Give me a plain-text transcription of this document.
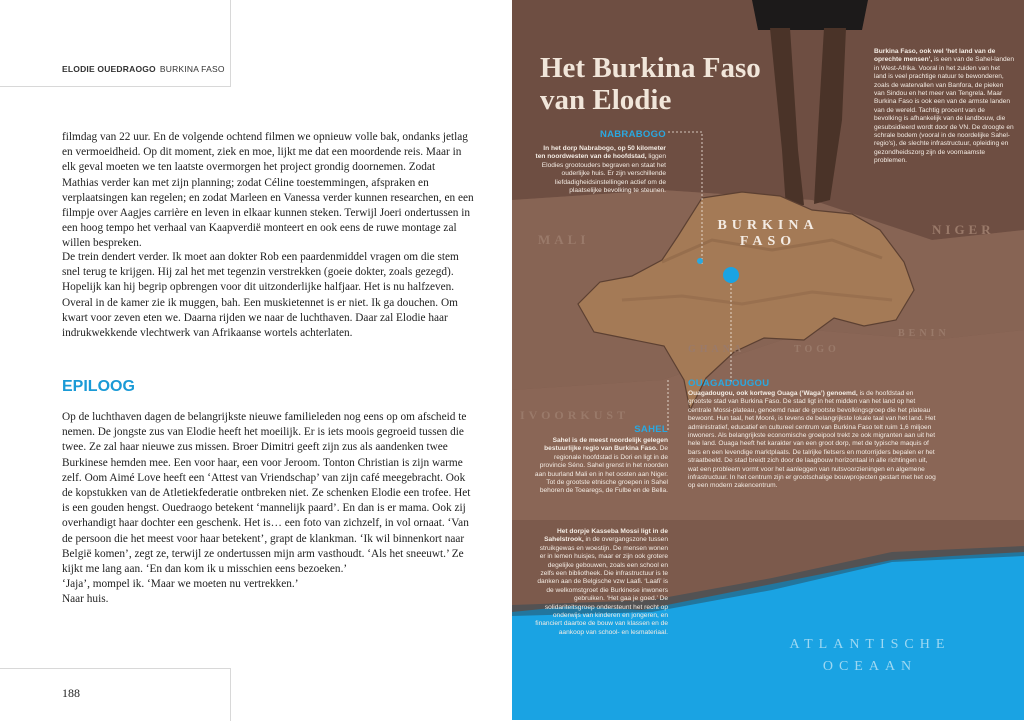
ELODIE OUEDRAOGO BURKINA FASO

filmdag van 22 uur. En de volgende ochtend filmen we opnieuw volle bak, ondanks jetlag en vermoeidheid. Op dit moment, ziek en moe, lijkt me dat een moordende reis. Maar in elk geval moeten we ten laatste overmorgen het project grondig doornemen. Zodat Mathias verder kan met zijn planning; zodat Céline toestemmingen, afspraken en verplaatsingen kan regelen; en zodat Marleen en Vanessa verder kunnen researchen, en een filmpje over Aagjes carrière en leven in elkaar kunnen steken. Terwijl Joeri ondertussen in een hoog tempo het verhaal van Kaapverdië monteert en ook eens de ruwe montage zal willen bespreken.

De trein dendert verder. Ik moet aan dokter Rob een paardenmiddel vragen om die stem snel terug te krijgen. Hij zal het met tegenzin verstrekken (goeie dokter, zoals gezegd). Hopelijk kan hij begrip opbrengen voor dit uitzonderlijke halfjaar. Het is nu halfzeven. Overal in de kamer zie ik muggen, bah. Een muskietennet is er niet. Ik ga douchen. Om kwart voor zeven eten we. Daarna rijden we naar de luchthaven. Daar zal Elodie haar indrukwekkende vlechtwerk van Afrikaanse wortels achterlaten.

EPILOOG

Op de luchthaven dagen de belangrijkste nieuwe familieleden nog eens op om afscheid te nemen. De jongste zus van Elodie heeft het moeilijk. Er is iets moois gegroeid tussen die twee. Ze zal haar nieuwe zus missen. Broer Dimitri geeft zijn zus als aandenken twee Burkinese hemden mee. Een voor haar, een voor Jeroom. Tonton Christian is zijn warme zelf. Oom Aimé Love heeft een ‘Attest van Vriendschap’ van zijn café meegebracht. Ook de kopstukken van de Atletiekfederatie ontbreken niet. Ze schenken Elodie een trofee. Het is een gouden hengst. Ouedraogo betekent ‘mannelijk paard’. En dan is er mama. Ook zij overhandigt haar dochter een geschenk. Het is… een foto van zichzelf, in vol ornaat. ‘Van de persoon die het meest voor haar betekent’, grapt de klankman. ‘Ik wil binnenkort naar België komen’, zegt ze, terwijl ze ondertussen mijn arm vasthoudt. ‘Als het sneeuwt.’ Ze kijkt me lang aan. ‘En dan kom ik u misschien eens bezoeken.’

‘Jaja’, mompel ik. ‘Maar we moeten nu vertrekken.’

Naar huis.

188
Het Burkina Faso
van Elodie
Burkina Faso, ook wel ‘het land van de oprechte mensen’, is een van de Sahel-landen in West-Afrika. Vooral in het zuiden van het land is veel prachtige natuur te bewonderen, zoals de watervallen van Banfora, de pieken van Sindou en het meer van Tengrela. Maar Burkina Faso is ook een van de armste landen van de wereld. Tachtig procent van de bevolking is afhankelijk van de landbouw, die gesubsidieerd wordt door de VN. De droogte en schrale bodem (vooral in de noordelijke Sahel-regio's), de slechte infrastructuur, opleiding en gezondheidszorg zijn de voornaamste problemen.
MALI
NIGER
BENIN
TOGO
GHANA
IVOORKUST
BURKINA
FASO
NABRABOGO
In het dorp Nabrabogo, op 50 kilometer ten noordwesten van de hoofdstad, liggen Elodies grootouders begraven en staat het ouderlijke huis. Er zijn verschillende liefdadigheidsinstellingen actief om de plaatselijke bevolking te steunen.
OUAGADOUGOU
Ouagadougou, ook kortweg Ouaga (‘Waga’) genoemd, is de hoofdstad en grootste stad van Burkina Faso. De stad ligt in het midden van het land op het centrale Mossi-plateau, genoemd naar de grootste bevolkingsgroep die het plateau bewoont. Hun taal, het Mooré, is tevens de belangrijkste lokale taal van het land. Het administratief, educatief en cultureel centrum van Burkina Faso telt ruim 1,6 miljoen inwoners. Als belangrijkste economische groeipool trekt ze ook migranten aan uit het hele land. Ouaga heeft het karakter van een groot dorp, met de typische maquis of bars en een levendige marktplaats. De talrijke fietsers en motorrijders bepalen er het straatbeeld. De stad breidt zich door de laagbouw horizontaal in alle richtingen uit, wat een probleem vormt voor het aanleggen van nutsvoorzieningen en algemene infrastructuur. In het centrum zijn er grootschalige bouwprojecten gestart met het oog op een modern zakencentrum.
SAHEL
Sahel is de meest noordelijk gelegen bestuurlijke regio van Burkina Faso. De regionale hoofdstad is Dori en ligt in de provincie Séno. Sahel grenst in het noorden aan buurland Mali en in het oosten aan Niger. Tot de grootste etnische groepen in Sahel behoren de Toearegs, de Fulbe en de Bella.
Het dorpje Kasseba Mossi ligt in de Sahelstrook, in de overgangszone tussen struikgewas en woestijn. De mensen wonen er in lemen huisjes, maar er zijn ook grotere degelijke gebouwen, zoals een school en zelfs een bibliotheek. Die infrastructuur is te danken aan de Belgische vzw Laafi. ‘Laafi’ is de welkomstgroet die Burkinese inwoners gebruiken. ‘Het gaa je goed.’ De solidariteitsgroep ondersteunt het recht op onderwijs van kinderen en jongeren, en financiert daartoe de bouw van klassen en de aankoop van school- en lesmateriaal.
ATLANTISCHE
OCEAAN
